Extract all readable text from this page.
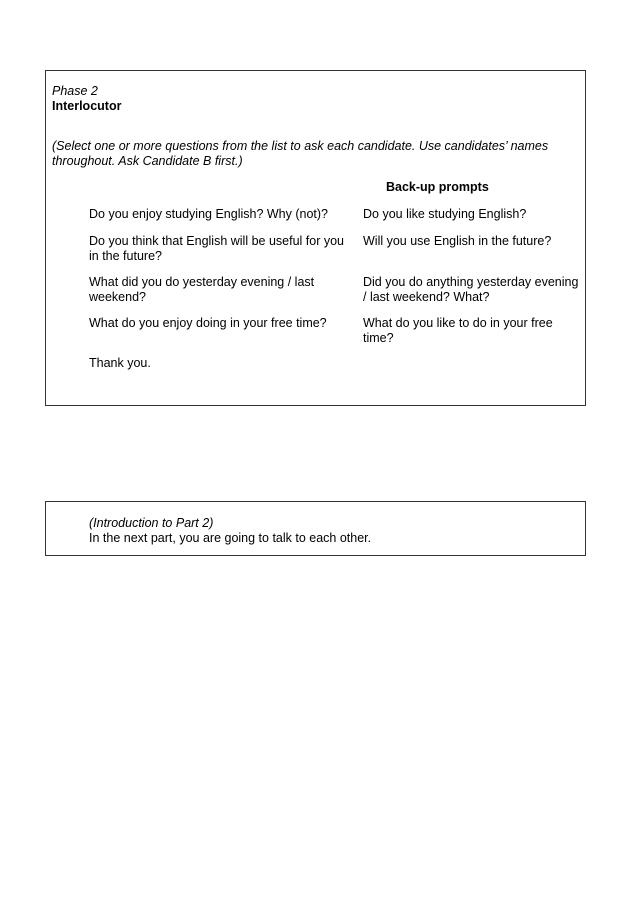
Phase 2
Interlocutor
(Select one or more questions from the list to ask each candidate. Use candidates’ names throughout. Ask Candidate B first.)
Back-up prompts
Do you enjoy studying English? Why (not)?	Do you like studying English?
Do you think that English will be useful for you in the future?
Will you use English in the future?
What did you do yesterday evening / last weekend?
Did you do anything yesterday evening / last weekend? What?
What do you enjoy doing in your free time?	What do you like to do in your free time?
Thank you.
(Introduction to Part 2)
In the next part, you are going to talk to each other.
